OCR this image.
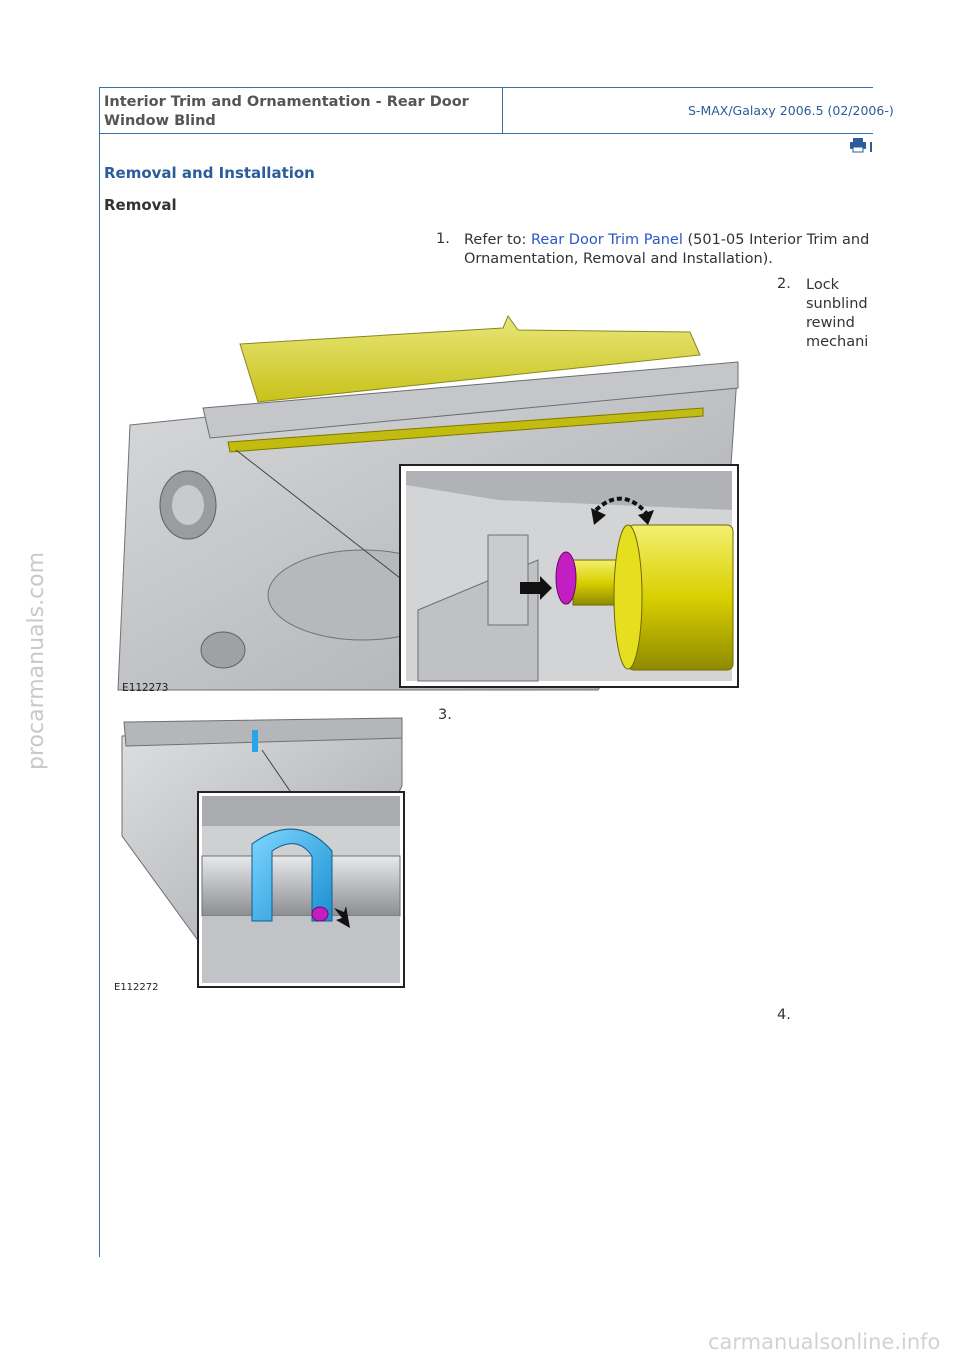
Interior Trim and Ornamentation - Rear Door Window Blind
S-MAX/Galaxy 2006.5 (02/2006-)
Removal and Installation
Removal
1. Refer to: Rear Door Trim Panel (501-05 Interior Trim and Ornamentation, Removal and Installation).
2. Lock
sunblind
rewind
mechani
E112273
3.
E112272
4.
procarmanuals.com
carmanualsonline.info
